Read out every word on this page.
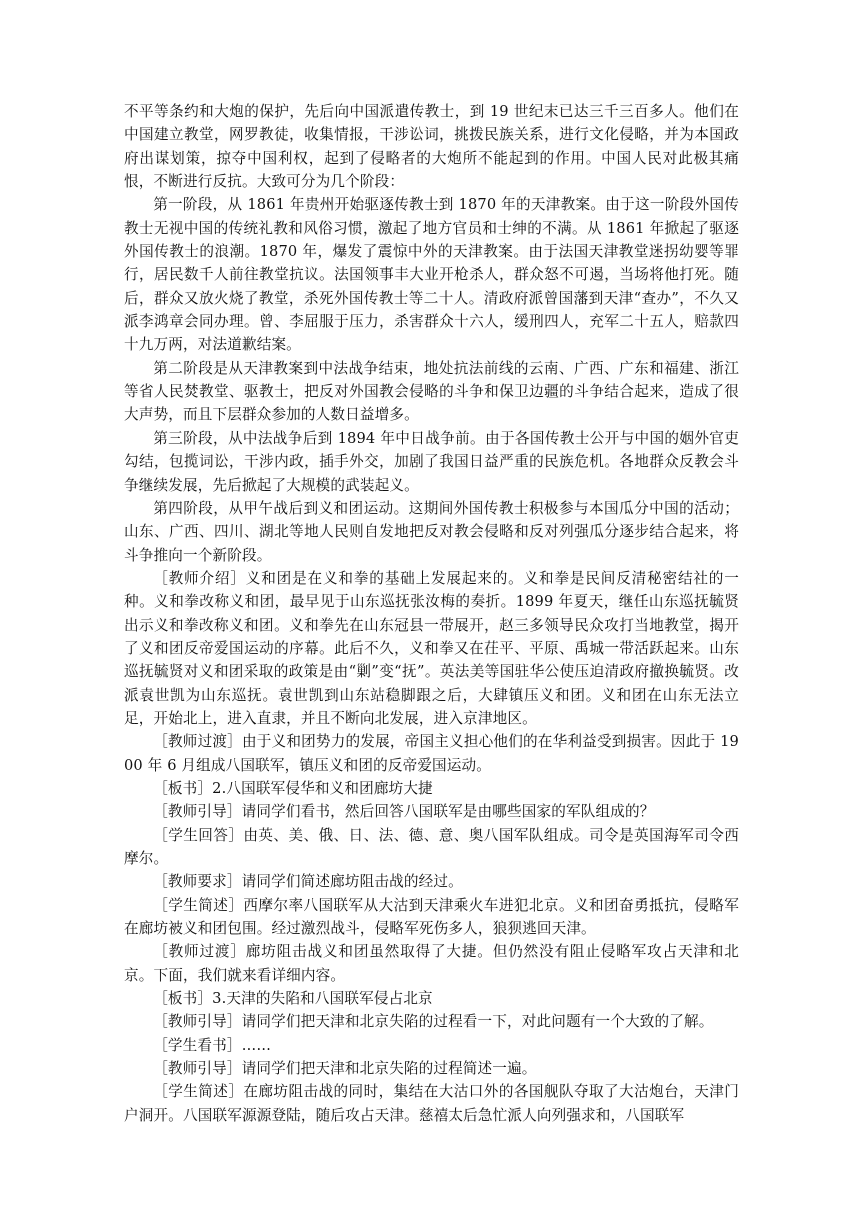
不平等条约和大炮的保护，先后向中国派遣传教士，到 19 世纪末已达三千三百多人。他们在中国建立教堂，网罗教徒，收集情报，干涉讼词，挑拨民族关系，进行文化侵略，并为本国政府出谋划策，掠夺中国利权，起到了侵略者的大炮所不能起到的作用。中国人民对此极其痛恨，不断进行反抗。大致可分为几个阶段：

第一阶段，从 1861 年贵州开始驱逐传教士到 1870 年的天津教案。由于这一阶段外国传教士无视中国的传统礼教和风俗习惯，激起了地方官员和士绅的不满。从 1861 年掀起了驱逐外国传教士的浪潮。1870 年，爆发了震惊中外的天津教案。由于法国天津教堂迷拐幼婴等罪行，居民数千人前往教堂抗议。法国领事丰大业开枪杀人，群众怒不可遏，当场将他打死。随后，群众又放火烧了教堂，杀死外国传教士等二十人。清政府派曾国藩到天津“查办”，不久又派李鸿章会同办理。曾、李屈服于压力，杀害群众十六人，缓刑四人，充军二十五人，赔款四十九万两，对法道歉结案。

第二阶段是从天津教案到中法战争结束，地处抗法前线的云南、广西、广东和福建、浙江等省人民焚教堂、驱教士，把反对外国教会侵略的斗争和保卫边疆的斗争结合起来，造成了很大声势，而且下层群众参加的人数日益增多。

第三阶段，从中法战争后到 1894 年中日战争前。由于各国传教士公开与中国的姻外官吏勾结，包揽词讼，干涉内政，插手外交，加剧了我国日益严重的民族危机。各地群众反教会斗争继续发展，先后掀起了大规模的武装起义。

第四阶段，从甲午战后到义和团运动。这期间外国传教士积极参与本国瓜分中国的活动；山东、广西、四川、湖北等地人民则自发地把反对教会侵略和反对列强瓜分逐步结合起来，将斗争推向一个新阶段。

［教师介绍］义和团是在义和拳的基础上发展起来的。义和拳是民间反清秘密结社的一种。义和拳改称义和团，最早见于山东巡抚张汝梅的奏折。1899 年夏天，继任山东巡抚毓贤出示义和拳改称义和团。义和拳先在山东冠县一带展开，赵三多领导民众攻打当地教堂，揭开了义和团反帝爱国运动的序幕。此后不久，义和拳又在茌平、平原、禹城一带活跃起来。山东巡抚毓贤对义和团采取的政策是由“剿”变“抚”。英法美等国驻华公使压迫清政府撤换毓贤。改派袁世凯为山东巡抚。袁世凯到山东站稳脚跟之后，大肆镇压义和团。义和团在山东无法立足，开始北上，进入直隶，并且不断向北发展，进入京津地区。

［教师过渡］由于义和团势力的发展，帝国主义担心他们的在华利益受到损害。因此于 1900 年 6 月组成八国联军，镇压义和团的反帝爱国运动。

［板书］2.八国联军侵华和义和团廊坊大捷

［教师引导］请同学们看书，然后回答八国联军是由哪些国家的军队组成的？

［学生回答］由英、美、俄、日、法、德、意、奥八国军队组成。司令是英国海军司令西摩尔。

［教师要求］请同学们简述廊坊阻击战的经过。

［学生简述］西摩尔率八国联军从大沽到天津乘火车进犯北京。义和团奋勇抵抗，侵略军在廊坊被义和团包围。经过激烈战斗，侵略军死伤多人，狼狈逃回天津。

［教师过渡］廊坊阻击战义和团虽然取得了大捷。但仍然没有阻止侵略军攻占天津和北京。下面，我们就来看详细内容。

［板书］3.天津的失陷和八国联军侵占北京

［教师引导］请同学们把天津和北京失陷的过程看一下，对此问题有一个大致的了解。

［学生看书］……

［教师引导］请同学们把天津和北京失陷的过程简述一遍。

［学生简述］在廊坊阻击战的同时，集结在大沽口外的各国舰队夺取了大沽炮台，天津门户洞开。八国联军源源登陆，随后攻占天津。慈禧太后急忙派人向列强求和，八国联军
